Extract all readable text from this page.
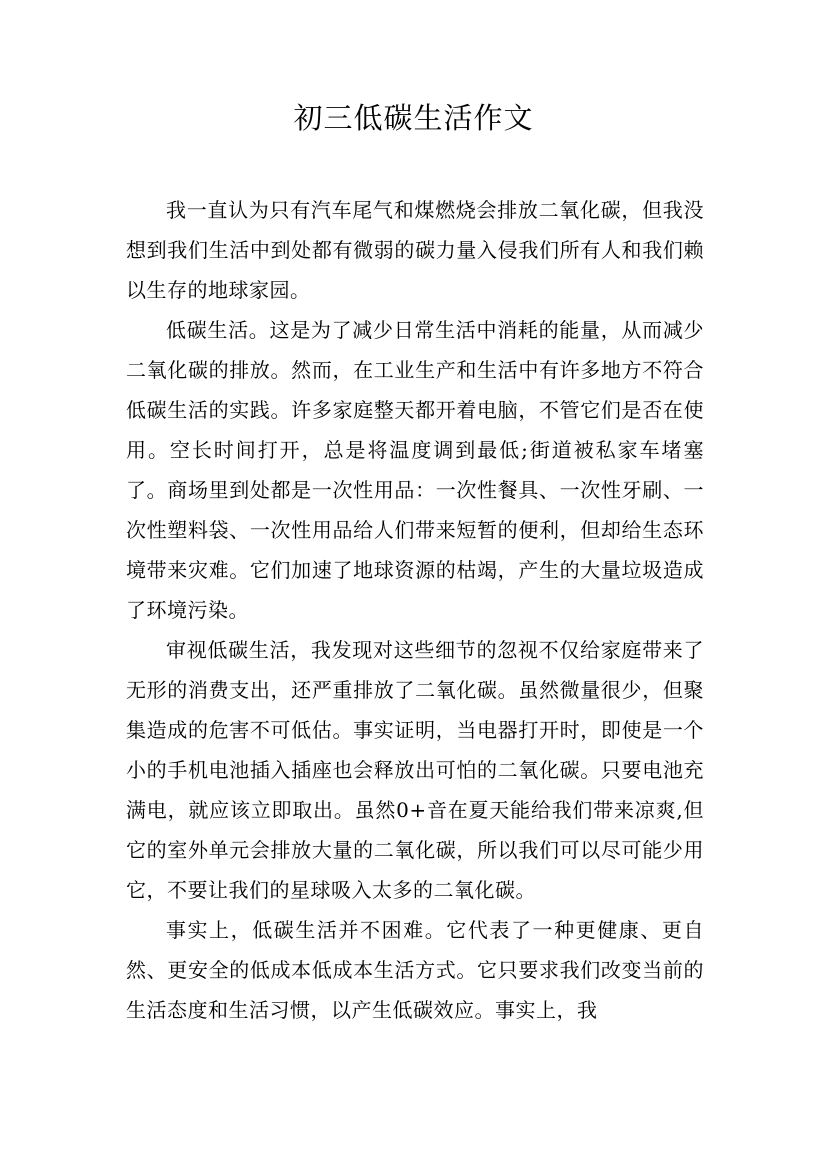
初三低碳生活作文

我一直认为只有汽车尾气和煤燃烧会排放二氧化碳，但我没想到我们生活中到处都有微弱的碳力量入侵我们所有人和我们赖以生存的地球家园。

低碳生活。这是为了减少日常生活中消耗的能量，从而减少二氧化碳的排放。然而，在工业生产和生活中有许多地方不符合低碳生活的实践。许多家庭整天都开着电脑，不管它们是否在使用。空长时间打开，总是将温度调到最低;街道被私家车堵塞了。商场里到处都是一次性用品：一次性餐具、一次性牙刷、一次性塑料袋、一次性用品给人们带来短暂的便利，但却给生态环境带来灾难。它们加速了地球资源的枯竭，产生的大量垃圾造成了环境污染。

审视低碳生活，我发现对这些细节的忽视不仅给家庭带来了无形的消费支出，还严重排放了二氧化碳。虽然微量很少，但聚集造成的危害不可低估。事实证明，当电器打开时，即使是一个小的手机电池插入插座也会释放出可怕的二氧化碳。只要电池充满电，就应该立即取出。虽然0+音在夏天能给我们带来凉爽,但它的室外单元会排放大量的二氧化碳，所以我们可以尽可能少用它，不要让我们的星球吸入太多的二氧化碳。

事实上，低碳生活并不困难。它代表了一种更健康、更自然、更安全的低成本低成本生活方式。它只要求我们改变当前的生活态度和生活习惯，以产生低碳效应。事实上，我
